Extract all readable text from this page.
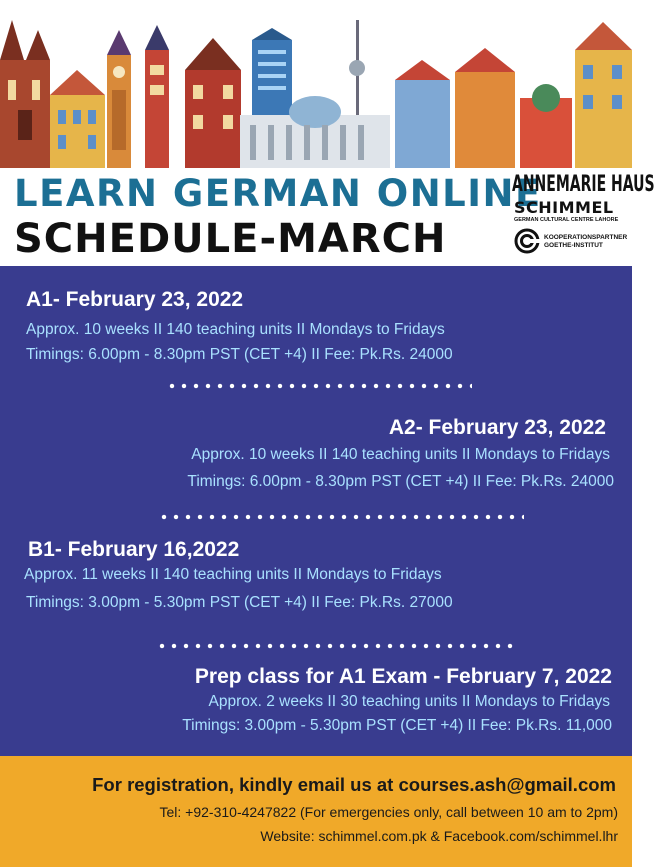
LEARN GERMAN ONLINE
SCHEDULE-MARCH
ANNEMARIE HAUS
SCHIMMEL
GERMAN CULTURAL CENTRE LAHORE
KOOPERATIONSPARTNER
GOETHE-INSTITUT
A1- February 23, 2022
Approx. 10 weeks II 140 teaching units II Mondays to Fridays
Timings: 6.00pm - 8.30pm PST (CET +4) II Fee: Pk.Rs. 24000
A2- February 23, 2022
Approx. 10 weeks II 140 teaching units II Mondays to Fridays
Timings: 6.00pm - 8.30pm PST (CET +4) II Fee: Pk.Rs. 24000
B1- February 16,2022
Approx. 11 weeks II 140 teaching units II Mondays to Fridays
Timings: 3.00pm - 5.30pm PST (CET +4) II Fee: Pk.Rs. 27000
Prep class for A1 Exam - February 7, 2022
Approx. 2 weeks II 30 teaching units II Mondays to Fridays
Timings: 3.00pm - 5.30pm PST (CET +4) II Fee: Pk.Rs. 11,000
For registration, kindly email us at courses.ash@gmail.com
Tel: +92-310-4247822 (For emergencies only, call between 10 am to 2pm)
Website: schimmel.com.pk & Facebook.com/schimmel.lhr
